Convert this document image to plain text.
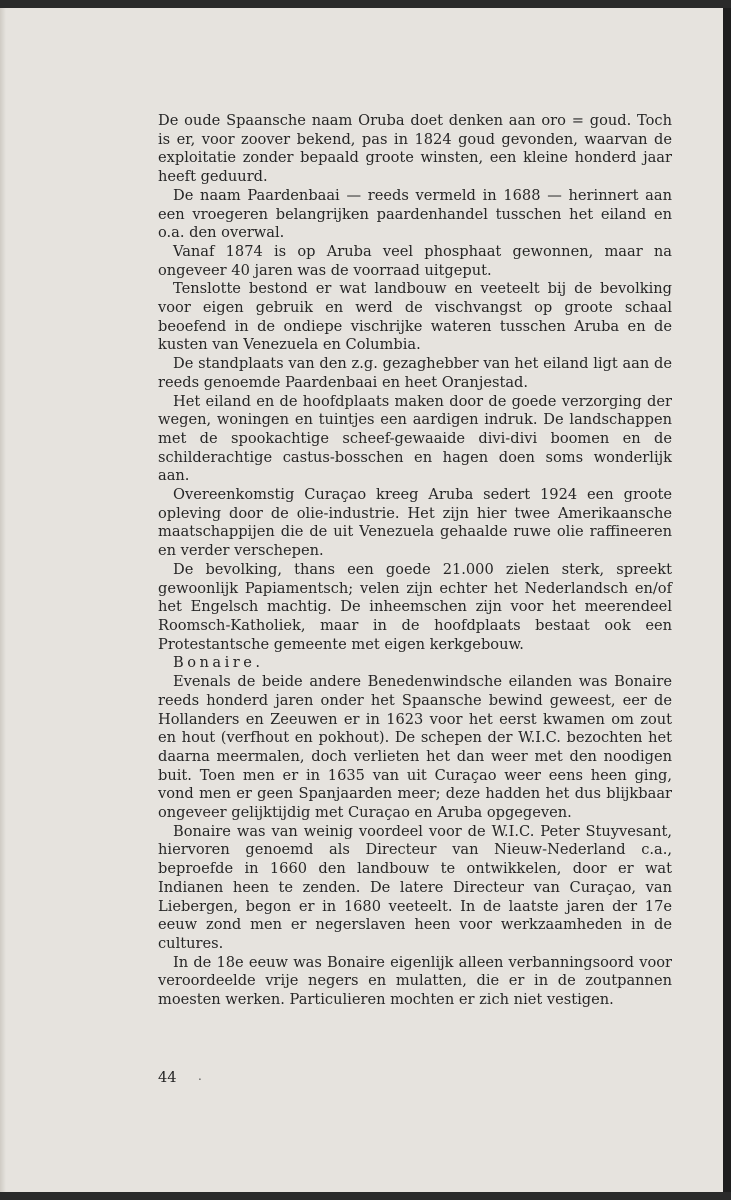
De oude Spaansche naam Oruba doet denken aan oro = goud. Toch is er, voor zoover bekend, pas in 1824 goud gevonden, waarvan de exploitatie zonder bepaald groote winsten, een kleine honderd jaar heeft geduurd.

De naam Paardenbaai — reeds vermeld in 1688 — herinnert aan een vroegeren belangrijken paardenhandel tusschen het eiland en o.a. den overwal.

Vanaf 1874 is op Aruba veel phosphaat gewonnen, maar na ongeveer 40 jaren was de voorraad uitgeput.

Tenslotte bestond er wat landbouw en veeteelt bij de bevolking voor eigen gebruik en werd de vischvangst op groote schaal beoefend in de ondiepe vischrijke wateren tusschen Aruba en de kusten van Venezuela en Columbia.

De standplaats van den z.g. gezaghebber van het eiland ligt aan de reeds genoemde Paardenbaai en heet Oranjestad.

Het eiland en de hoofdplaats maken door de goede verzorging der wegen, woningen en tuintjes een aardigen indruk. De landschappen met de spookachtige scheef-gewaaide divi-divi boomen en de schilderachtige castus-bosschen en hagen doen soms wonderlijk aan.

Overeenkomstig Curaçao kreeg Aruba sedert 1924 een groote opleving door de olie-industrie. Het zijn hier twee Amerikaansche maatschappijen die de uit Venezuela gehaalde ruwe olie raffineeren en verder verschepen.

De bevolking, thans een goede 21.000 zielen sterk, spreekt gewoonlijk Papiamentsch; velen zijn echter het Nederlandsch en/of het Engelsch machtig. De inheemschen zijn voor het meerendeel Roomsch-Katholiek, maar in de hoofdplaats bestaat ook een Protestantsche gemeente met eigen kerkgebouw.

Bonaire.

Evenals de beide andere Benedenwindsche eilanden was Bonaire reeds honderd jaren onder het Spaansche bewind geweest, eer de Hollanders en Zeeuwen er in 1623 voor het eerst kwamen om zout en hout (verfhout en pokhout). De schepen der W.I.C. bezochten het daarna meermalen, doch verlieten het dan weer met den noodigen buit. Toen men er in 1635 van uit Curaçao weer eens heen ging, vond men er geen Spanjaarden meer; deze hadden het dus blijkbaar ongeveer gelijktijdig met Curaçao en Aruba opgegeven.

Bonaire was van weinig voordeel voor de W.I.C. Peter Stuyvesant, hiervoren genoemd als Directeur van Nieuw-Nederland c.a., beproefde in 1660 den landbouw te ontwikkelen, door er wat Indianen heen te zenden. De latere Directeur van Curaçao, van Liebergen, begon er in 1680 veeteelt. In de laatste jaren der 17e eeuw zond men er negerslaven heen voor werkzaamheden in de cultures.

In de 18e eeuw was Bonaire eigenlijk alleen verbanningsoord voor veroordeelde vrije negers en mulatten, die er in de zoutpannen moesten werken. Particulieren mochten er zich niet vestigen.

44 .
